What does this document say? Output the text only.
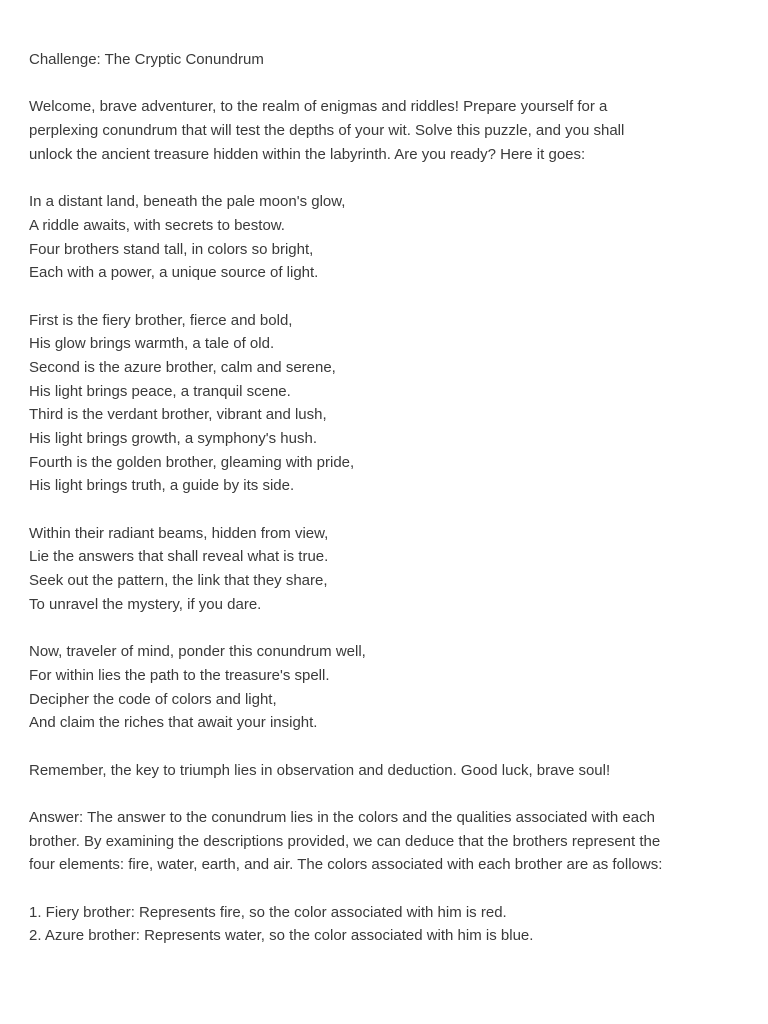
Challenge: The Cryptic Conundrum
Welcome, brave adventurer, to the realm of enigmas and riddles! Prepare yourself for a
perplexing conundrum that will test the depths of your wit. Solve this puzzle, and you shall
unlock the ancient treasure hidden within the labyrinth. Are you ready? Here it goes:
In a distant land, beneath the pale moon's glow,
A riddle awaits, with secrets to bestow.
Four brothers stand tall, in colors so bright,
Each with a power, a unique source of light.
First is the fiery brother, fierce and bold,
His glow brings warmth, a tale of old.
Second is the azure brother, calm and serene,
His light brings peace, a tranquil scene.
Third is the verdant brother, vibrant and lush,
His light brings growth, a symphony's hush.
Fourth is the golden brother, gleaming with pride,
His light brings truth, a guide by its side.
Within their radiant beams, hidden from view,
Lie the answers that shall reveal what is true.
Seek out the pattern, the link that they share,
To unravel the mystery, if you dare.
Now, traveler of mind, ponder this conundrum well,
For within lies the path to the treasure's spell.
Decipher the code of colors and light,
And claim the riches that await your insight.
Remember, the key to triumph lies in observation and deduction. Good luck, brave soul!
Answer: The answer to the conundrum lies in the colors and the qualities associated with each
brother. By examining the descriptions provided, we can deduce that the brothers represent the
four elements: fire, water, earth, and air. The colors associated with each brother are as follows:
1. Fiery brother: Represents fire, so the color associated with him is red.
2. Azure brother: Represents water, so the color associated with him is blue.
